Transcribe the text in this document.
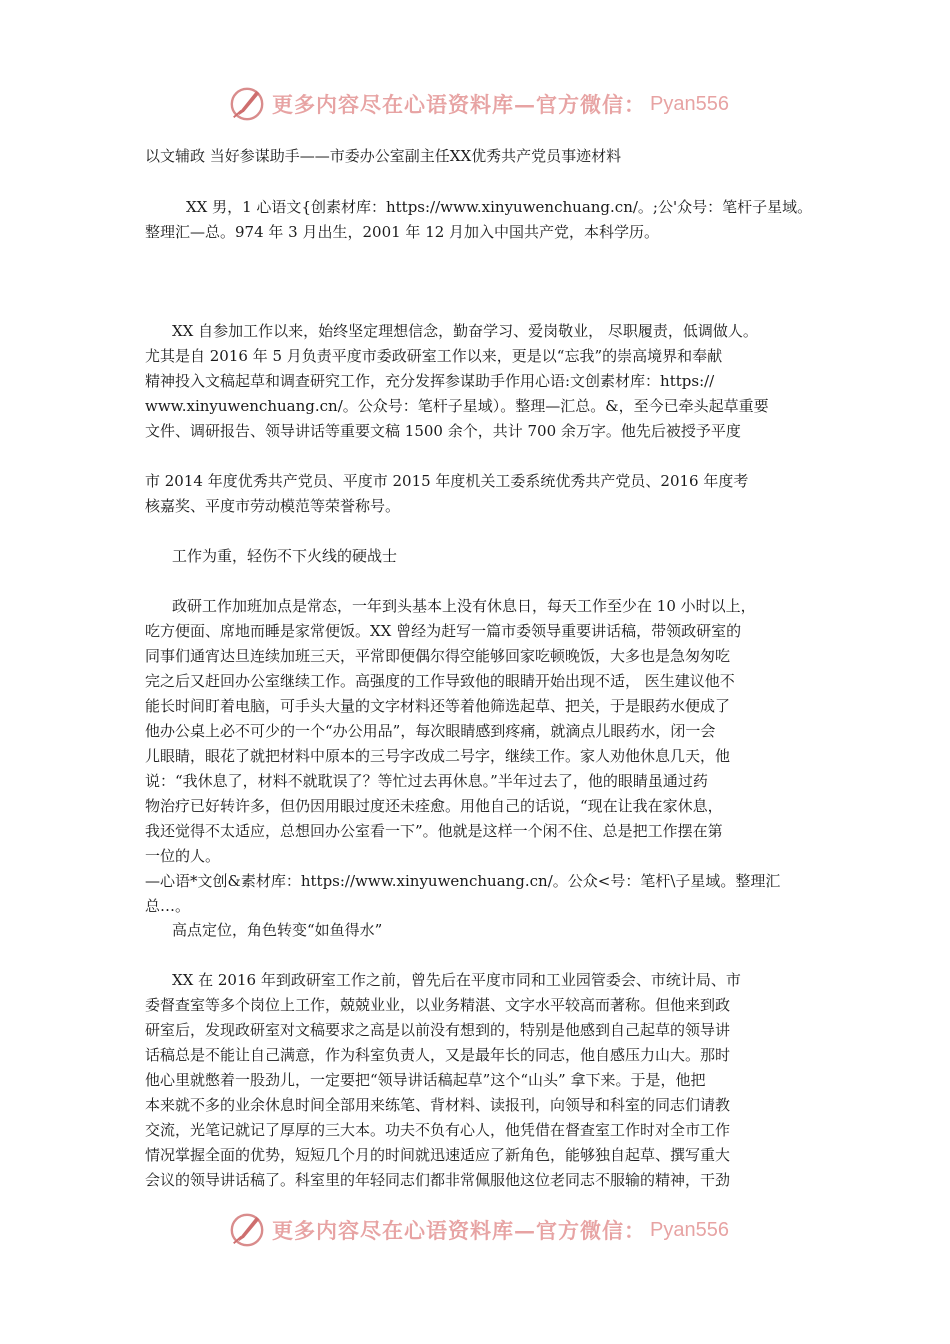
更多内容尽在心语资料库—官方微信： Pyan556
以文辅政 当好参谋助手——市委办公室副主任XX优秀共产党员事迹材料
XX 男，1 心语文{创素材库：https://www.xinyuwenchuang.cn/。;公'众号：笔杆子星域。
整理汇—总。974 年 3 月出生，2001 年 12 月加入中国共产党，本科学历。
XX 自参加工作以来，始终坚定理想信念，勤奋学习、爱岗敬业， 尽职履责，低调做人。
尤其是自 2016 年 5 月负责平度市委政研室工作以来，更是以“忘我”的崇高境界和奉献
精神投入文稿起草和调查研究工作，充分发挥参谋助手作用心语:文创素材库：https://
www.xinyuwenchuang.cn/。公众号：笔杆子星域）。整理—汇总。&，至今已牵头起草重要
文件、调研报告、领导讲话等重要文稿 1500 余个，共计 700 余万字。他先后被授予平度
市 2014 年度优秀共产党员、平度市 2015 年度机关工委系统优秀共产党员、2016 年度考
核嘉奖、平度市劳动模范等荣誉称号。
工作为重，轻伤不下火线的硬战士
政研工作加班加点是常态，一年到头基本上没有休息日，每天工作至少在 10 小时以上，
吃方便面、席地而睡是家常便饭。XX 曾经为赶写一篇市委领导重要讲话稿，带领政研室的
同事们通宵达旦连续加班三天，平常即便偶尔得空能够回家吃顿晚饭，大多也是急匆匆吃
完之后又赶回办公室继续工作。高强度的工作导致他的眼睛开始出现不适， 医生建议他不
能长时间盯着电脑，可手头大量的文字材料还等着他筛选起草、把关，于是眼药水便成了
他办公桌上必不可少的一个“办公用品”，每次眼睛感到疼痛，就滴点儿眼药水，闭一会
儿眼睛，眼花了就把材料中原本的三号字改成二号字，继续工作。家人劝他休息几天，他
说：“我休息了，材料不就耽误了？等忙过去再休息。”半年过去了，他的眼睛虽通过药
物治疗已好转许多，但仍因用眼过度还未痊愈。用他自己的话说，“现在让我在家休息，
我还觉得不太适应，总想回办公室看一下”。他就是这样一个闲不住、总是把工作摆在第
一位的人。
—心语*文创&素材库：https://www.xinyuwenchuang.cn/。公众<号：笔杆\子星域。整理汇
总…。
高点定位，角色转变“如鱼得水”
XX 在 2016 年到政研室工作之前，曾先后在平度市同和工业园管委会、市统计局、市
委督查室等多个岗位上工作，兢兢业业，以业务精湛、文字水平较高而著称。但他来到政
研室后，发现政研室对文稿要求之高是以前没有想到的，特别是他感到自己起草的领导讲
话稿总是不能让自己满意，作为科室负责人，又是最年长的同志，他自感压力山大。那时
他心里就憋着一股劲儿，一定要把“领导讲话稿起草”这个“山头” 拿下来。于是，他把
本来就不多的业余休息时间全部用来练笔、背材料、读报刊，向领导和科室的同志们请教
交流，光笔记就记了厚厚的三大本。功夫不负有心人，他凭借在督查室工作时对全市工作
情况掌握全面的优势，短短几个月的时间就迅速适应了新角色，能够独自起草、撰写重大
会议的领导讲话稿了。科室里的年轻同志们都非常佩服他这位老同志不服输的精神，干劲
更多内容尽在心语资料库—官方微信： Pyan556
